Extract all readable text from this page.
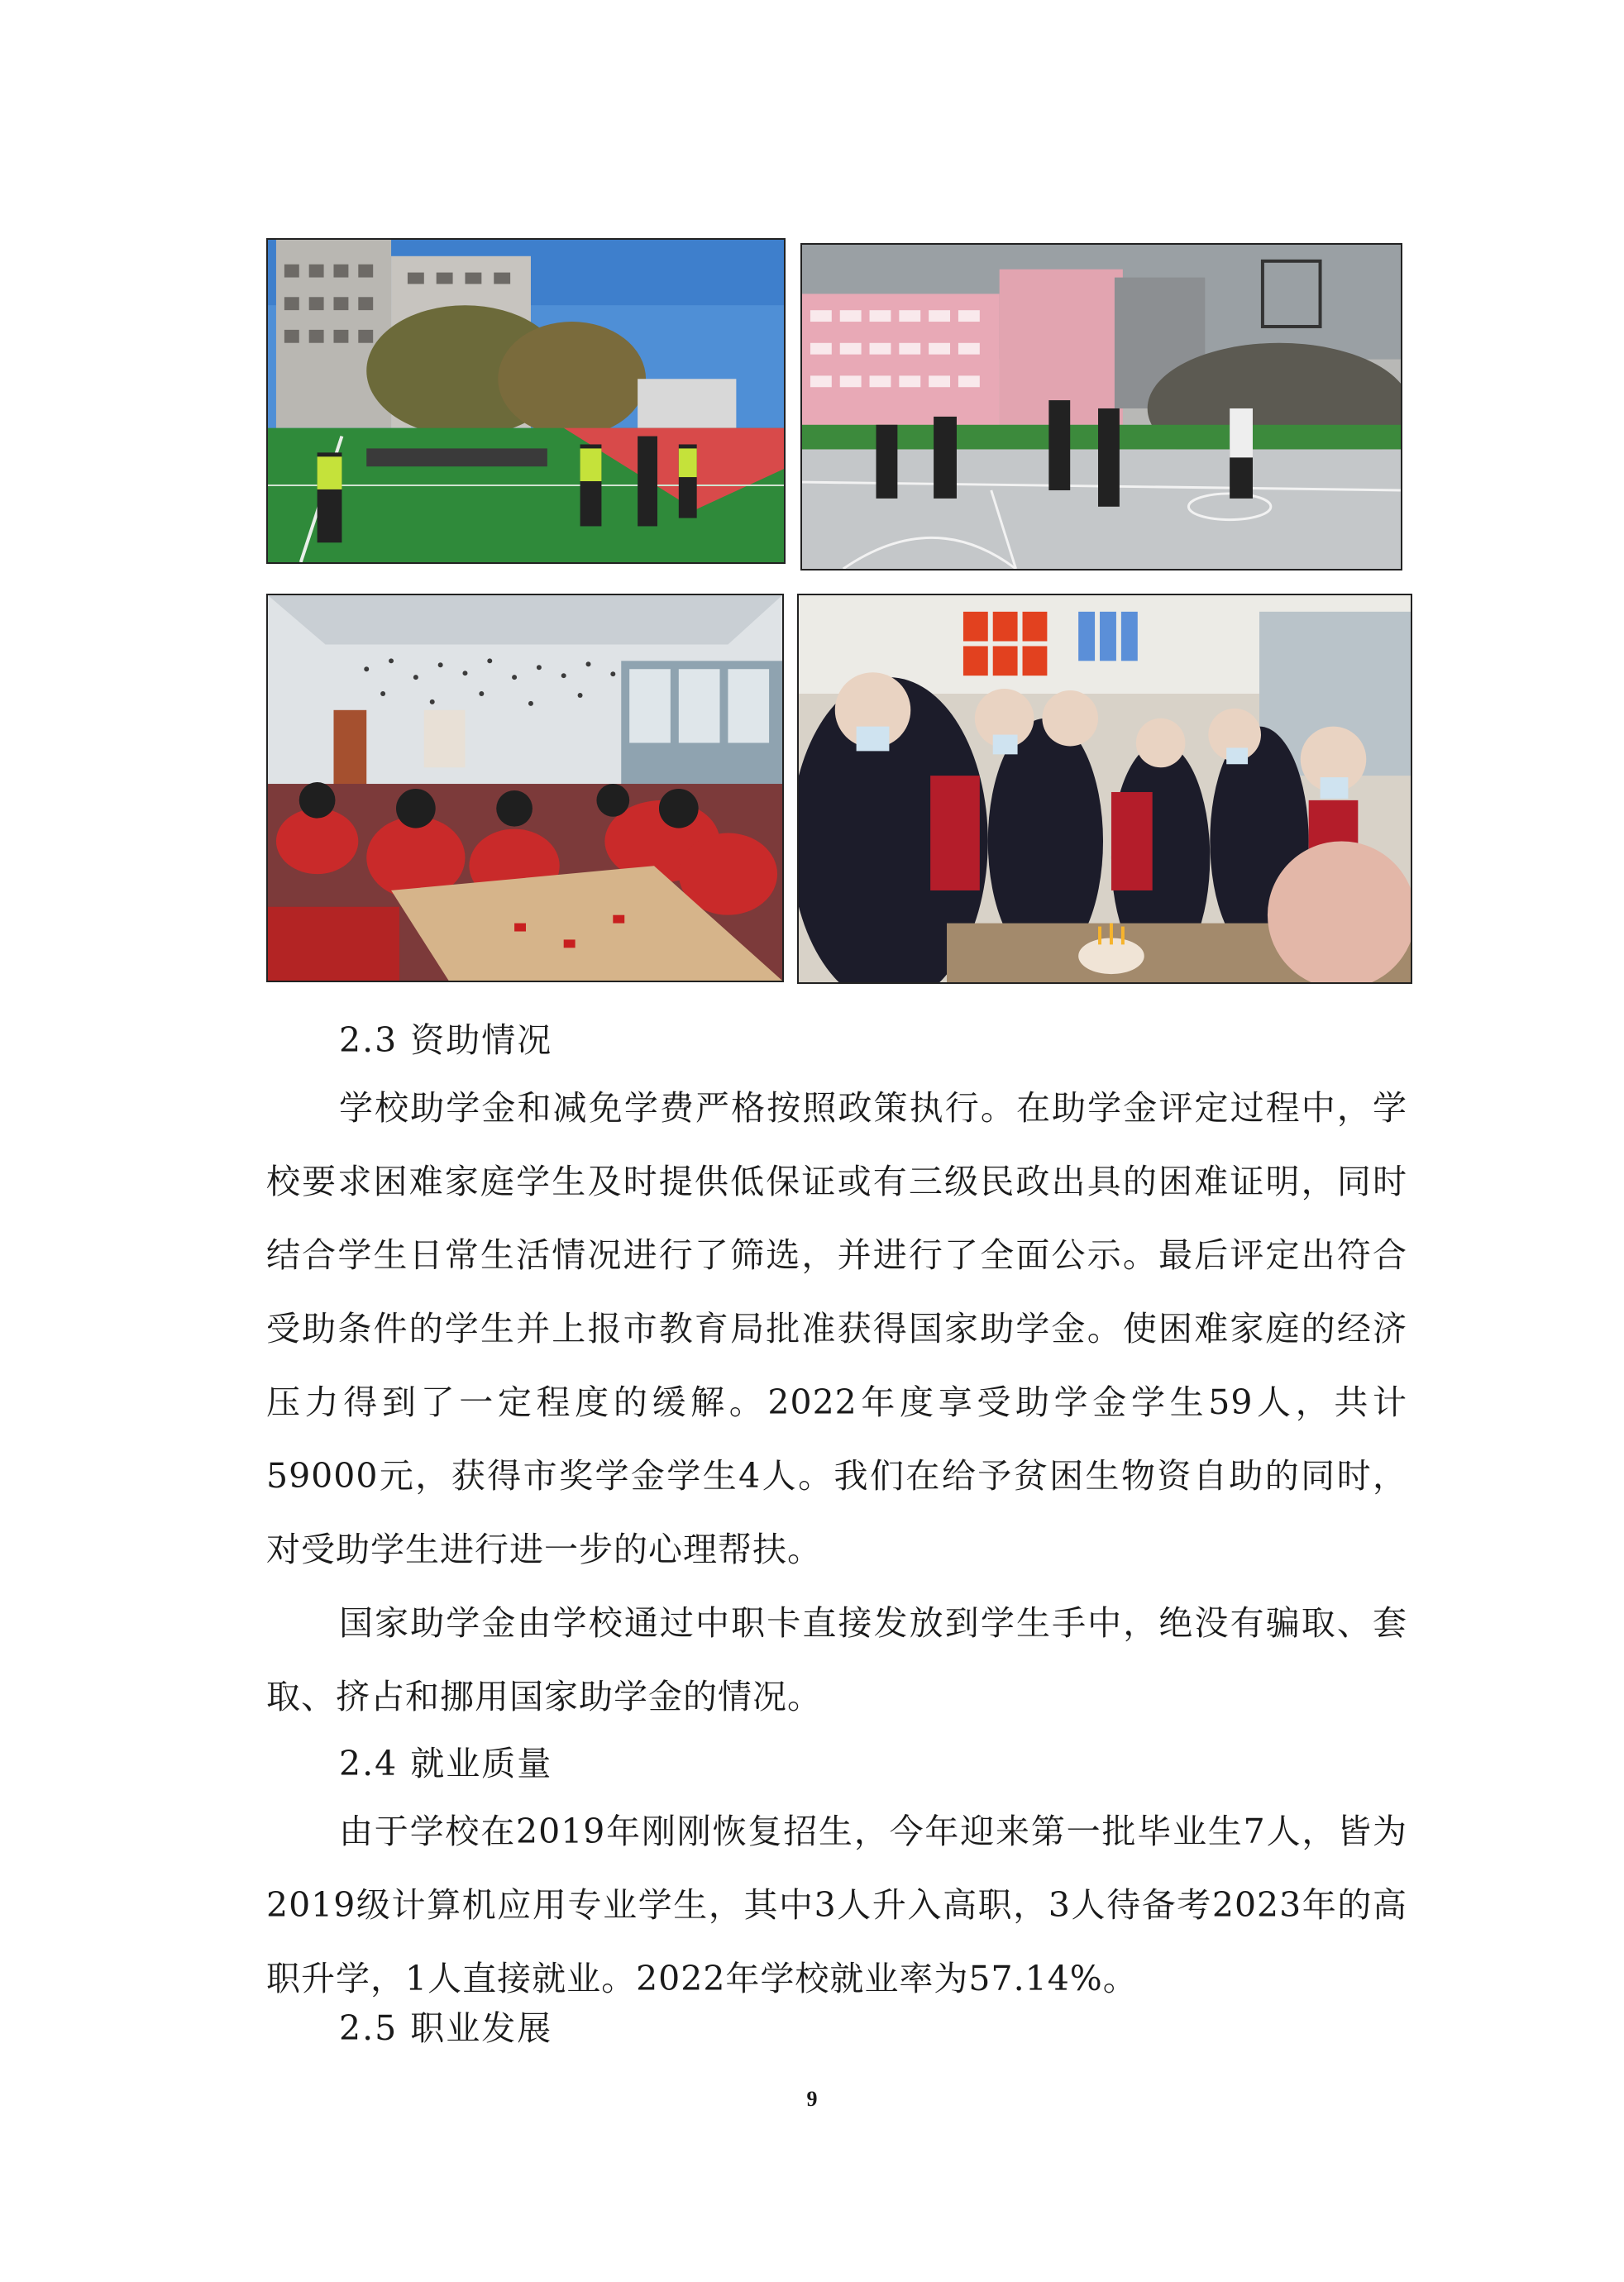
2.3 资助情况
学校助学金和减免学费严格按照政策执行。在助学金评定过程中，学校要求困难家庭学生及时提供低保证或有三级民政出具的困难证明，同时结合学生日常生活情况进行了筛选，并进行了全面公示。最后评定出符合受助条件的学生并上报市教育局批准获得国家助学金。使困难家庭的经济压力得到了一定程度的缓解。2022年度享受助学金学生59人，共计59000元，获得市奖学金学生4人。我们在给予贫困生物资自助的同时，对受助学生进行进一步的心理帮扶。
国家助学金由学校通过中职卡直接发放到学生手中，绝没有骗取、套取、挤占和挪用国家助学金的情况。
2.4 就业质量
由于学校在2019年刚刚恢复招生，今年迎来第一批毕业生7人，皆为2019级计算机应用专业学生，其中3人升入高职，3人待备考2023年的高职升学，1人直接就业。2022年学校就业率为57.14%。
2.5 职业发展
9
